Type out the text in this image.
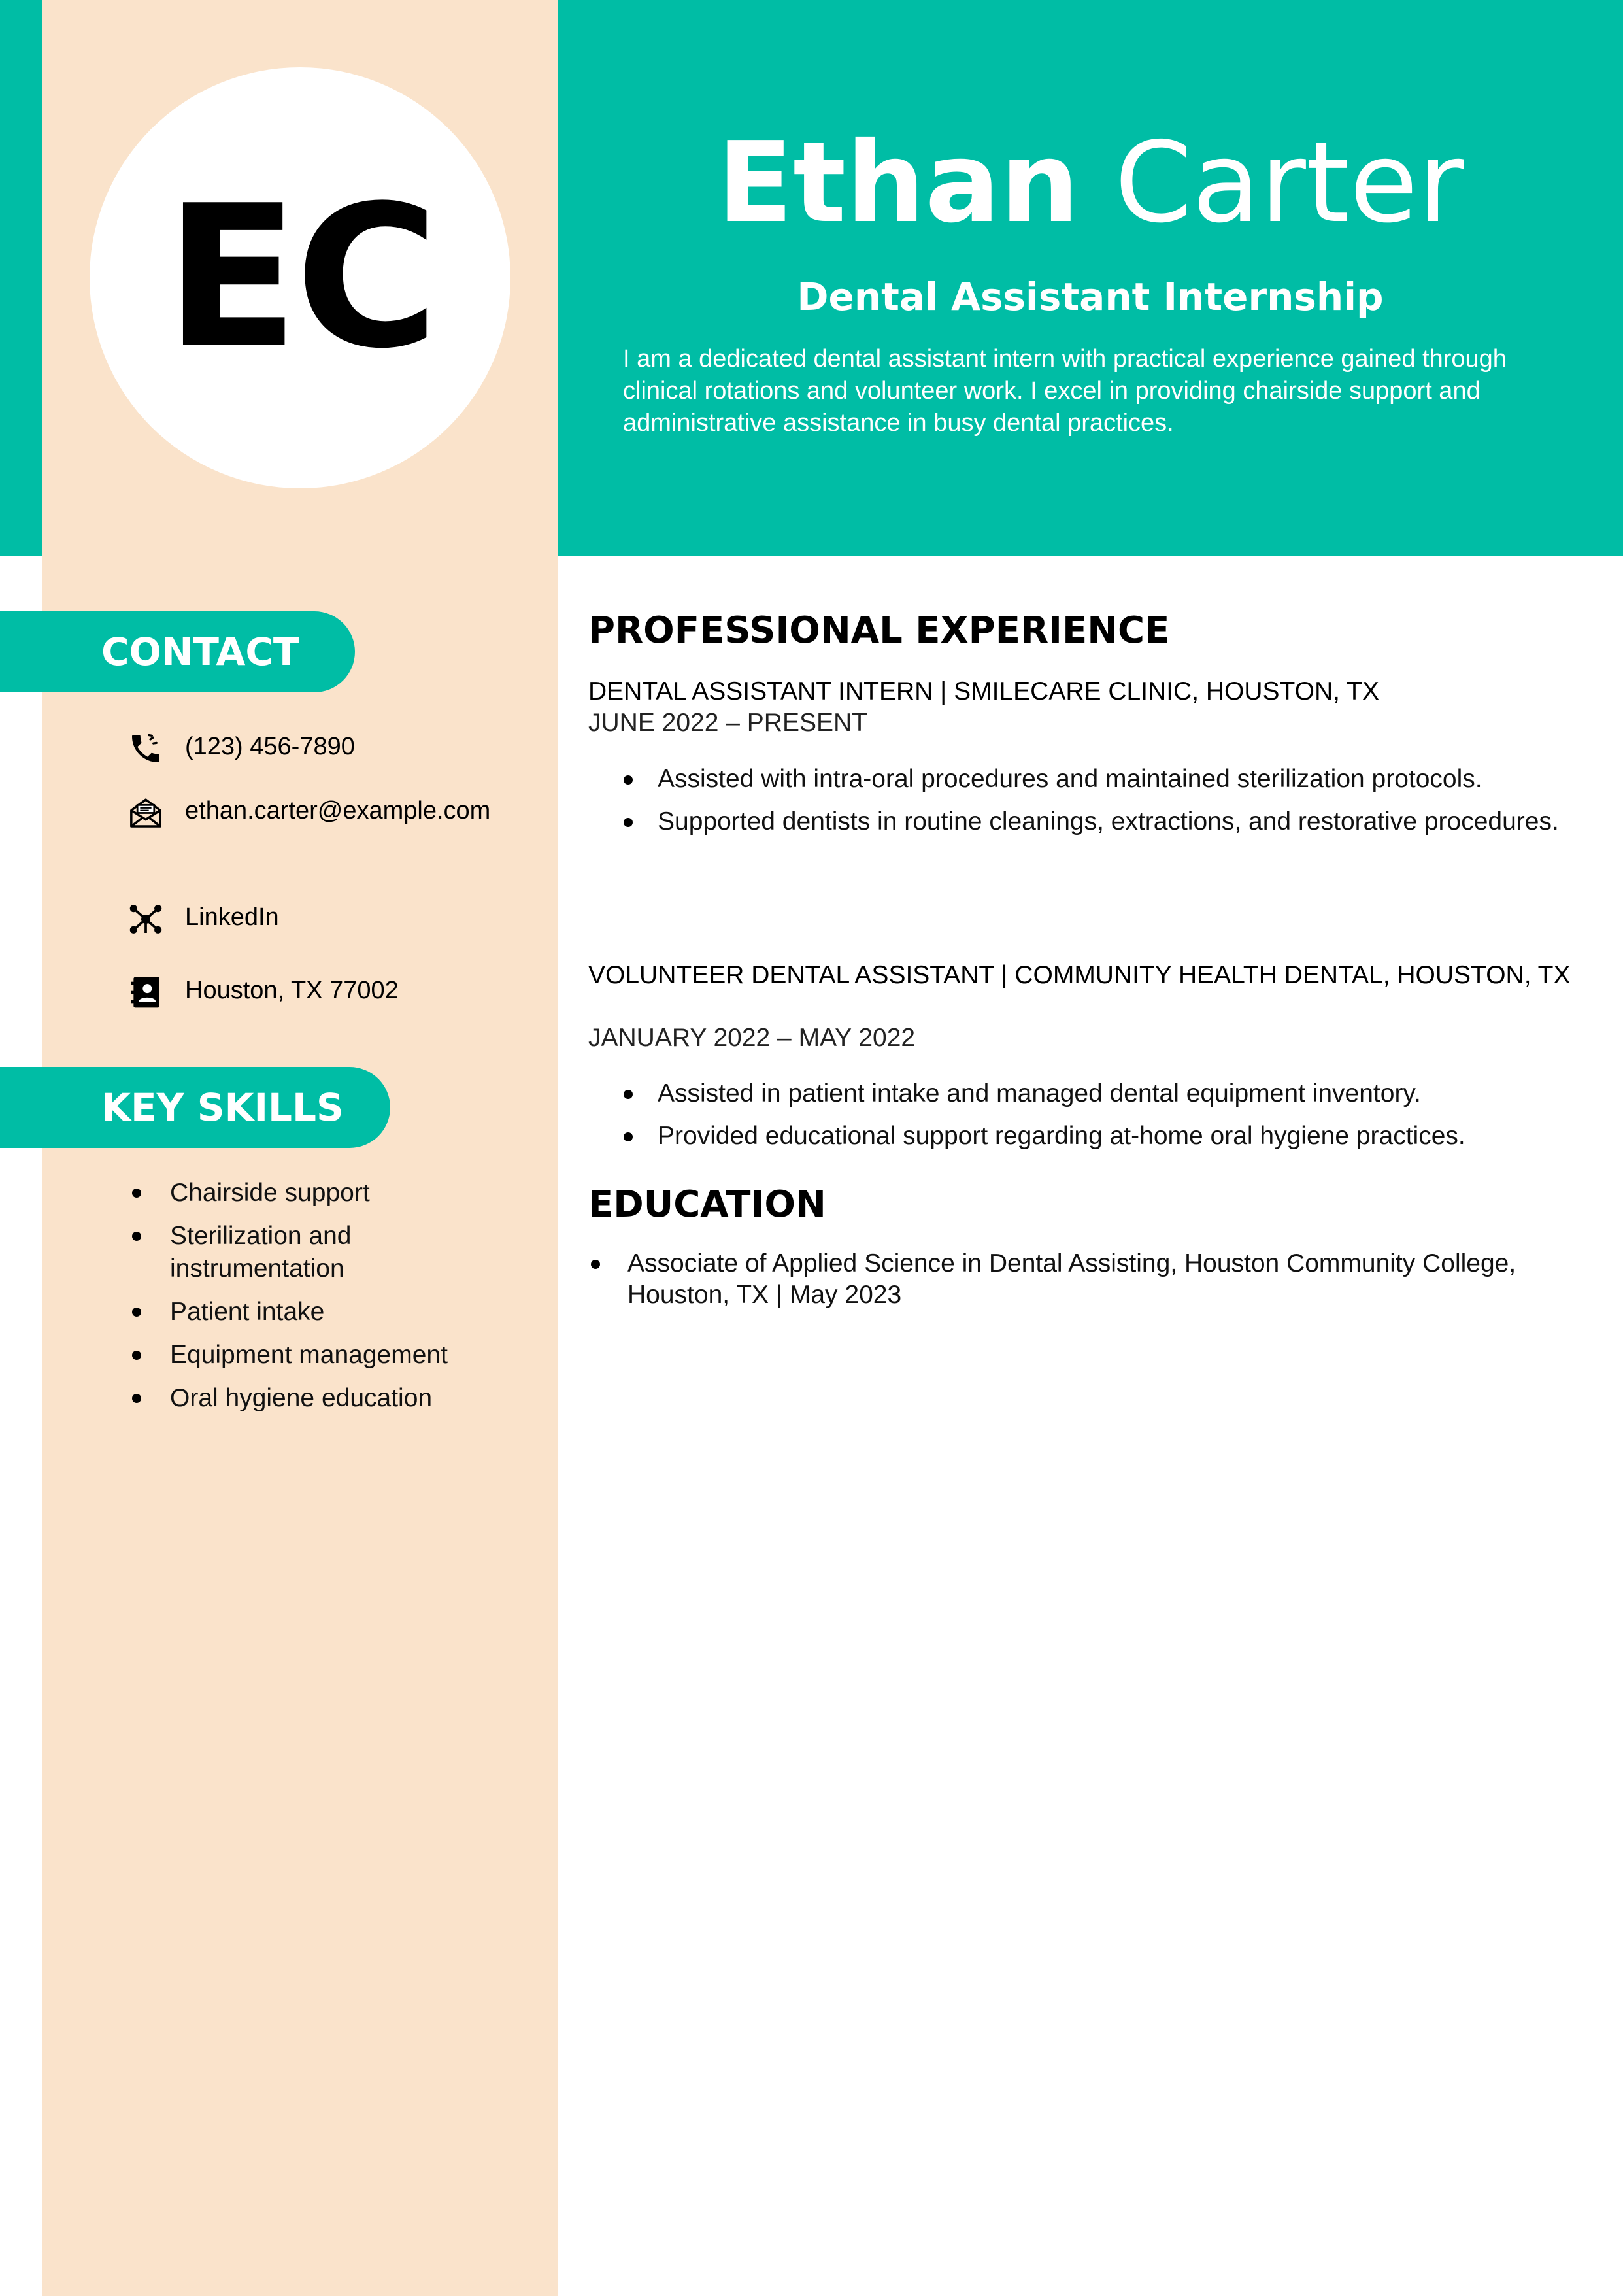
EC	Ethan Carter
Dental Assistant Internship
I am a dedicated dental assistant intern with practical experience gained through clinical rotations and volunteer work. I excel in providing chairside support and administrative assistance in busy dental practices.
CONTACT
(123) 456-7890
ethan.carter@example.com
LinkedIn
Houston, TX 77002
KEY SKILLS
Chairside support
Sterilization and instrumentation
Patient intake
Equipment management
Oral hygiene education
PROFESSIONAL EXPERIENCE
DENTAL ASSISTANT INTERN | SMILECARE CLINIC, HOUSTON, TX
JUNE 2022 – PRESENT
Assisted with intra-oral procedures and maintained sterilization protocols.
Supported dentists in routine cleanings, extractions, and restorative procedures.
VOLUNTEER DENTAL ASSISTANT | COMMUNITY HEALTH DENTAL, HOUSTON, TX
JANUARY 2022 – MAY 2022
Assisted in patient intake and managed dental equipment inventory.
Provided educational support regarding at-home oral hygiene practices.
EDUCATION
Associate of Applied Science in Dental Assisting, Houston Community College, Houston, TX | May 2023
